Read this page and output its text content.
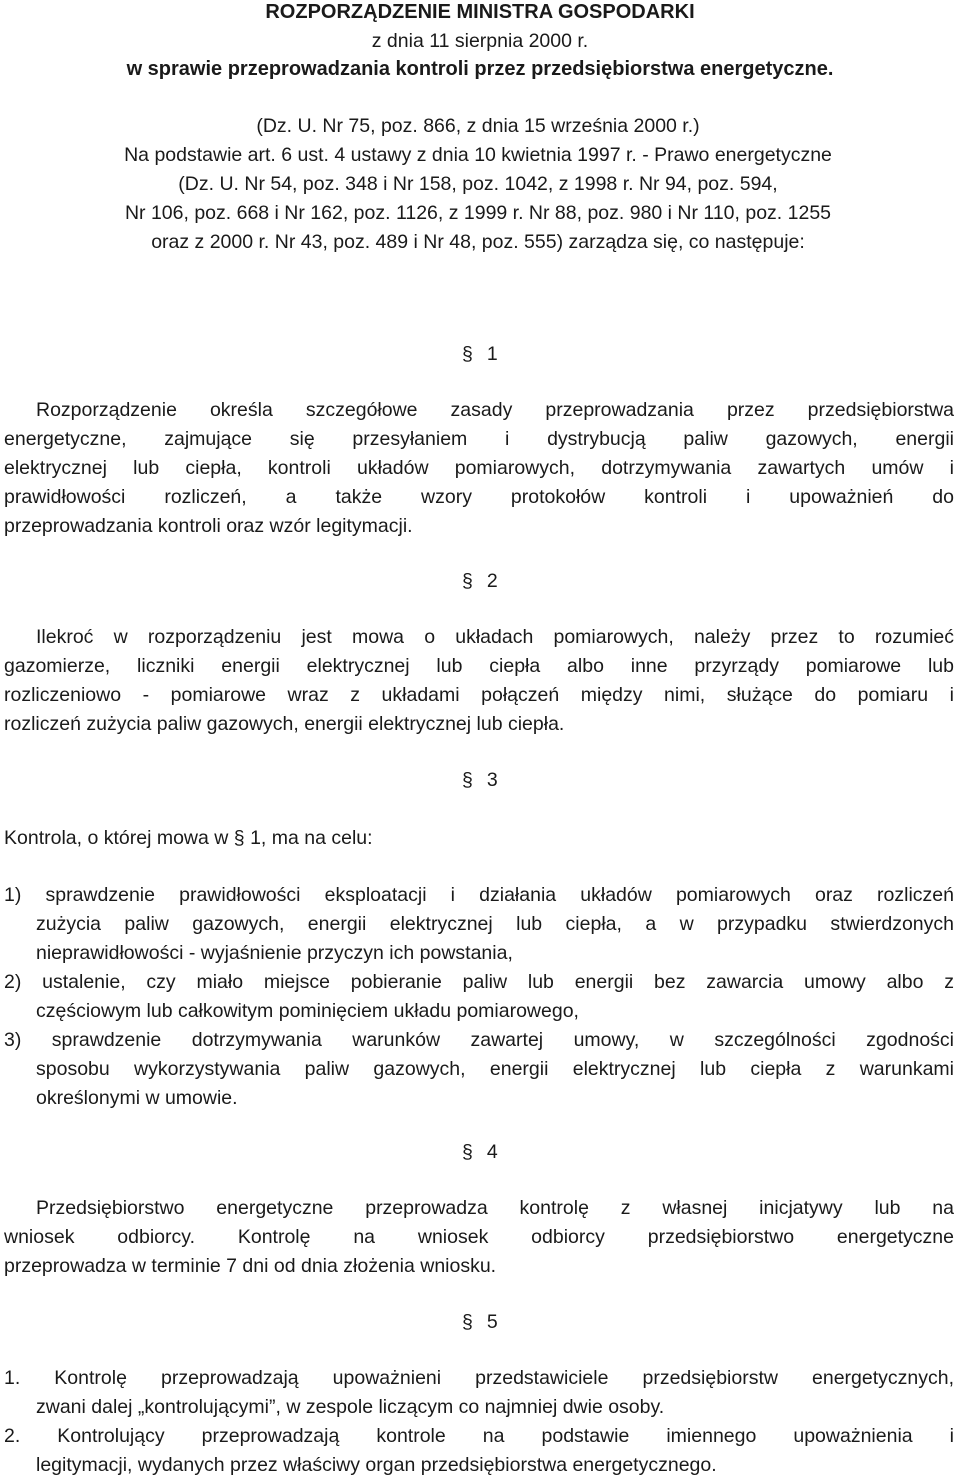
ROZPORZĄDZENIE MINISTRA GOSPODARKI
z dnia 11 sierpnia 2000 r.
w sprawie przeprowadzania kontroli przez przedsiębiorstwa energetyczne.
(Dz. U. Nr 75, poz. 866, z dnia 15 września 2000 r.)
Na podstawie art. 6 ust. 4 ustawy z dnia 10 kwietnia 1997 r. - Prawo energetyczne
(Dz. U. Nr 54, poz. 348 i Nr 158, poz. 1042, z 1998 r. Nr 94, poz. 594,
Nr 106, poz. 668 i Nr 162, poz. 1126, z 1999 r. Nr 88, poz. 980 i Nr 110, poz. 1255
oraz z 2000 r. Nr 43, poz. 489 i Nr 48, poz. 555) zarządza się, co następuje:
§ 1
Rozporządzenie określa szczegółowe zasady przeprowadzania przez przedsiębiorstwa
energetyczne, zajmujące się przesyłaniem i dystrybucją paliw gazowych, energii
elektrycznej lub ciepła, kontroli układów pomiarowych, dotrzymywania zawartych umów i
prawidłowości rozliczeń, a także wzory protokołów kontroli i upoważnień do
przeprowadzania kontroli oraz wzór legitymacji.
§ 2
Ilekroć w rozporządzeniu jest mowa o układach pomiarowych, należy przez to rozumieć
gazomierze, liczniki energii elektrycznej lub ciepła albo inne przyrządy pomiarowe lub
rozliczeniowo - pomiarowe wraz z układami połączeń między nimi, służące do pomiaru i
rozliczeń zużycia paliw gazowych, energii elektrycznej lub ciepła.
§ 3
Kontrola, o której mowa w § 1, ma na celu:
1) sprawdzenie prawidłowości eksploatacji i działania układów pomiarowych oraz rozliczeń
zużycia paliw gazowych, energii elektrycznej lub ciepła, a w przypadku stwierdzonych
nieprawidłowości - wyjaśnienie przyczyn ich powstania,
2) ustalenie, czy miało miejsce pobieranie paliw lub energii bez zawarcia umowy albo z
częściowym lub całkowitym pominięciem układu pomiarowego,
3) sprawdzenie dotrzymywania warunków zawartej umowy, w szczególności zgodności
sposobu wykorzystywania paliw gazowych, energii elektrycznej lub ciepła z warunkami
określonymi w umowie.
§ 4
Przedsiębiorstwo energetyczne przeprowadza kontrolę z własnej inicjatywy lub na
wniosek odbiorcy. Kontrolę na wniosek odbiorcy przedsiębiorstwo energetyczne
przeprowadza w terminie 7 dni od dnia złożenia wniosku.
§ 5
1. Kontrolę przeprowadzają upoważnieni przedstawiciele przedsiębiorstw energetycznych,
zwani dalej „kontrolującymi”, w zespole liczącym co najmniej dwie osoby.
2. Kontrolujący przeprowadzają kontrole na podstawie imiennego upoważnienia i
legitymacji, wydanych przez właściwy organ przedsiębiorstwa energetycznego.
